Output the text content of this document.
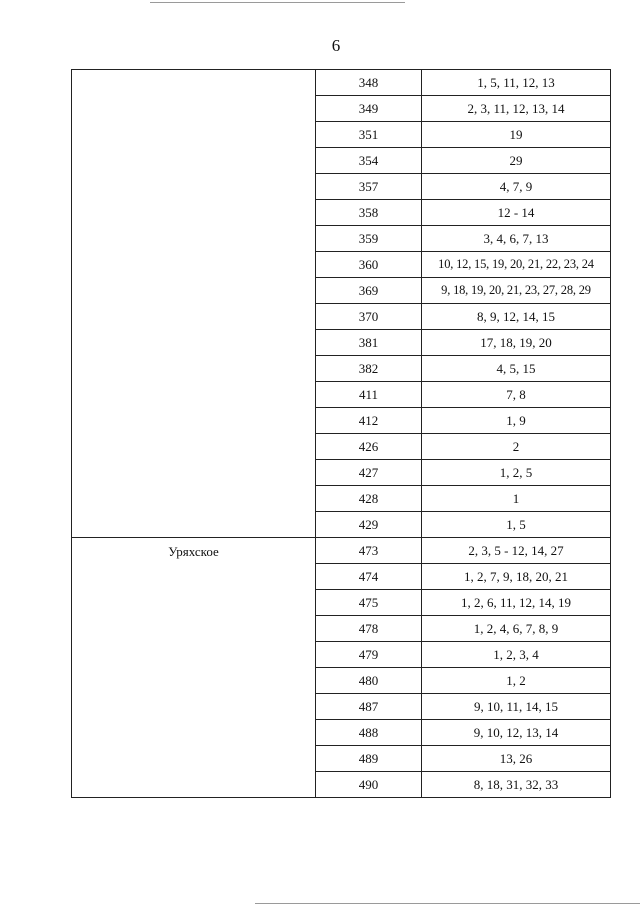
6
	348	1, 5, 11, 12, 13
	349	2, 3, 11, 12, 13, 14
	351	19
	354	29
	357	4, 7, 9
	358	12 - 14
	359	3, 4, 6, 7, 13
	360	10, 12, 15, 19, 20, 21, 22, 23, 24
	369	9, 18, 19, 20, 21, 23, 27, 28, 29
	370	8, 9, 12, 14, 15
	381	17, 18, 19, 20
	382	4, 5, 15
	411	7, 8
	412	1, 9
	426	2
	427	1, 2, 5
	428	1
	429	1, 5
Уряхское	473	2, 3, 5 - 12, 14, 27
	474	1, 2, 7, 9, 18, 20, 21
	475	1, 2, 6, 11, 12, 14, 19
	478	1, 2, 4, 6, 7, 8, 9
	479	1, 2, 3, 4
	480	1, 2
	487	9, 10, 11, 14, 15
	488	9, 10, 12, 13, 14
	489	13, 26
	490	8, 18, 31, 32, 33
